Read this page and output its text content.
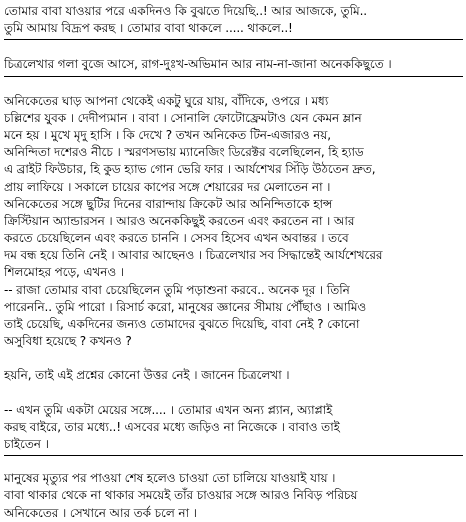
তোমার বাবা যাওয়ার পরে একদিনও কি বুঝতে দিয়েছি..! আর আজকে, তুমি..
তুমি আমায় বিদ্রূপ করছ । তোমার বাবা থাকলে ..... থাকলে..!
চিত্রলেখার গলা বুজে আসে, রাগ-দুঃখ-অভিমান আর নাম-না-জানা অনেককিছুতে ।
অনিকেতের ঘাড় আপনা থেকেই একটু ঘুরে যায়, বাঁদিকে, ওপরে । মধ্য
চল্লিশের যুবক । দেদীপ্যমান । বাবা । সোনালি ফোটোফ্রেমটাও যেন কেমন ম্লান
মনে হয় । মুখে মৃদু হাসি । কি দেখে ? তখন অনিকেত টিন-এজারও নয়,
অনিন্দিতা দশেরও নীচে । স্মরণসভায় ম্যানেজিং ডিরেক্টর বলেছিলেন, হি হ্যাড
এ ব্রাইট ফিউচার, হি কুড হ্যাভ গোন ভেরি ফার । আর্যশেখর সিঁড়ি উঠতেন দ্রুত,
প্রায় লাফিয়ে । সকালে চায়ের কাপের সঙ্গে শেয়ারের দর মেলাতেন না ।
অনিকেতের সঙ্গে ছুটির দিনের বারান্দায় ক্রিকেট আর অনিন্দিতাকে হান্স
ক্রিস্টিয়ান অ্যান্ডারসন । আরও অনেককিছুই করতেন এবং করতেন না । আর
করতে চেয়েছিলেন এবং করতে চাননি । সেসব হিসেব এখন অবান্তর । তবে
দম বন্ধ হয়ে তিনি নেই । আবার আছেনও । চিত্রলেখার সব সিদ্ধান্তেই আর্যশেখরের
শিলমোহর পড়ে, এখনও ।
-- রাজা তোমার বাবা চেয়েছিলেন তুমি পড়াশুনা করবে.. অনেক দূর । তিনি
পারেননি.. তুমি পারো । রিসার্চ করো, মানুষের জ্ঞানের সীমায় পৌঁছাও । আমিও
তাই চেয়েছি, একদিনের জন্যও তোমাদের বুঝতে দিয়েছি, বাবা নেই ? কোনো
অসুবিধা হয়েছে ? কখনও ?
হয়নি, তাই এই প্রশ্নের কোনো উত্তর নেই । জানেন চিত্রলেখা ।
-- এখন তুমি একটা মেয়ের সঙ্গে.... । তোমার এখন অন্য প্ল্যান, অ্যাপ্লাই
করছ বাইরে, তার মধ্যে..! এসবের মধ্যে জড়িও না নিজেকে । বাবাও তাই
চাইতেন ।
মানুষের মৃত্যুর পর পাওয়া শেষ হলেও চাওয়া তো চালিয়ে যাওয়াই যায় ।
বাবা থাকার থেকে না থাকার সময়েই তাঁর চাওয়ার সঙ্গে আরও নিবিড় পরিচয়
অনিকেতের । সেখানে আর তর্ক চলে না ।
